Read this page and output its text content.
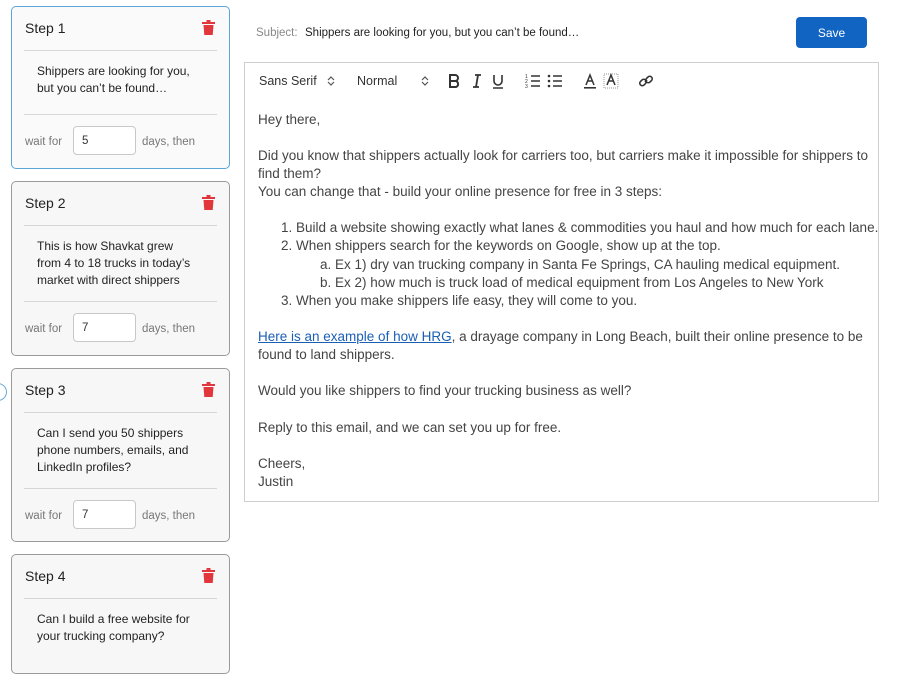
Step 1
Shippers are looking for you,
but you can’t be found…
wait for
5	days, then
Step 2
This is how Shavkat grew
from 4 to 18 trucks in today’s
market with direct shippers
wait for
7	days, then
Step 3
Can I send you 50 shippers
phone numbers, emails, and
LinkedIn profiles?
wait for
7	days, then
Step 4
Can I build a free website for
your trucking company?
Subject: Shippers are looking for you, but you can’t be found…	Save
Sans Serif	Normal	1
2
3
Hey there,
Did you know that shippers actually look for carriers too, but carriers make it impossible for shippers to
find them?
You can change that - build your online presence for free in 3 steps:
1. Build a website showing exactly what lanes & commodities you haul and how much for each lane.
2. When shippers search for the keywords on Google, show up at the top.
a. Ex 1) dry van trucking company in Santa Fe Springs, CA hauling medical equipment.
b. Ex 2) how much is truck load of medical equipment from Los Angeles to New York
3. When you make shippers life easy, they will come to you.
Here is an example of how HRG, a drayage company in Long Beach, built their online presence to be
found to land shippers.
Would you like shippers to find your trucking business as well?
Reply to this email, and we can set you up for free.
Cheers,
Justin
